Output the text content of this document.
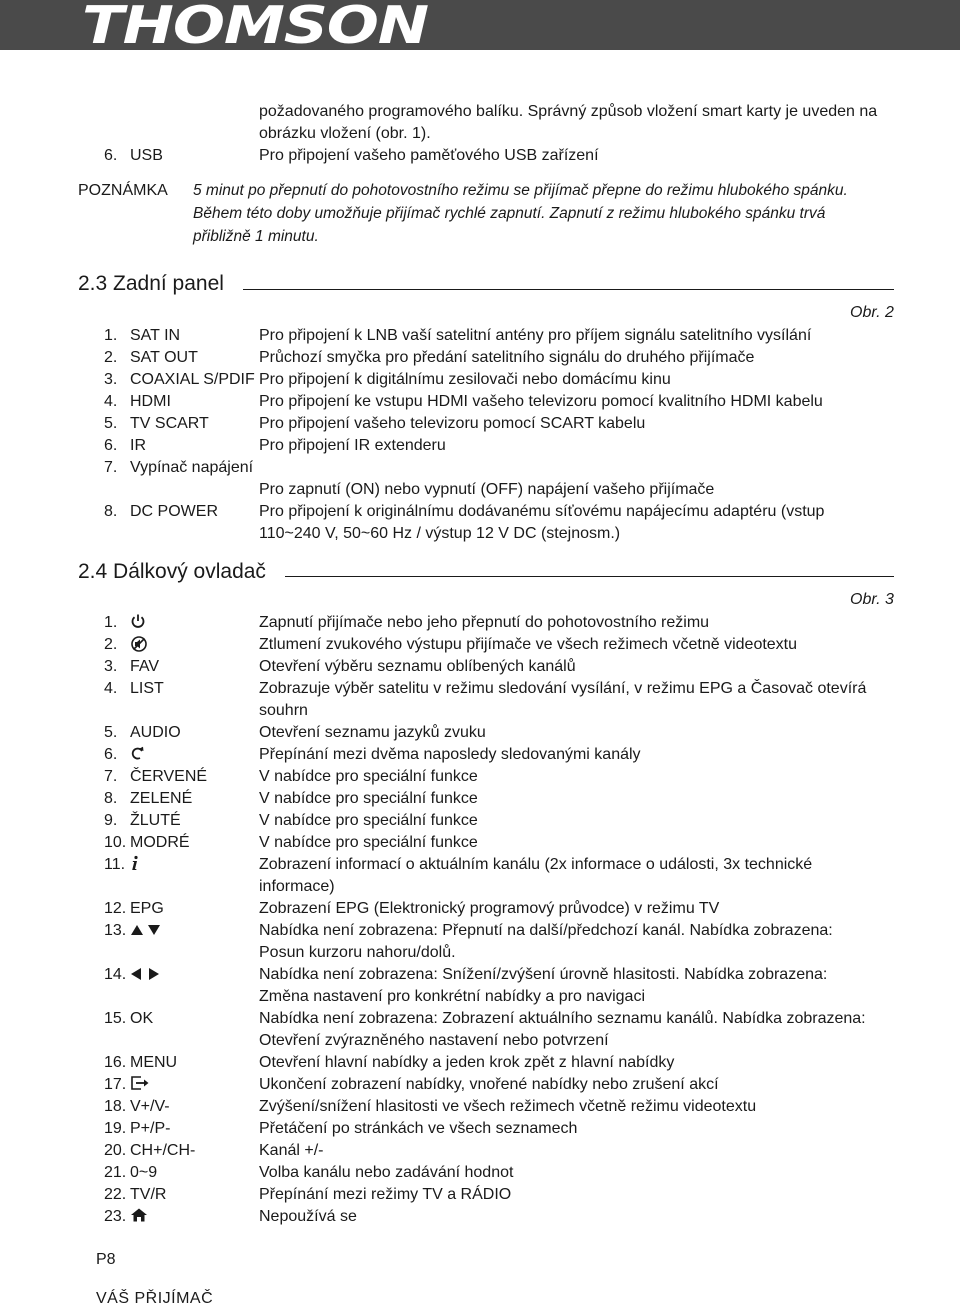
THOMSON
požadovaného programového balíku. Správný způsob vložení smart karty je uveden na
obrázku vložení (obr. 1).
6. USB	Pro připojení vašeho paměťového USB zařízení
POZNÁMKA 5 minut po přepnutí do pohotovostního režimu se přijímač přepne do režimu hlubokého spánku.
Během této doby umožňuje přijímač rychlé zapnutí. Zapnutí z režimu hlubokého spánku trvá
přibližně 1 minutu.
2.3 Zadní panel
Obr. 2
1. SAT IN	Pro připojení k LNB vaší satelitní antény pro příjem signálu satelitního vysílání
2. SAT OUT	Průchozí smyčka pro předání satelitního signálu do druhého přijímače
3. COAXIAL S/PDIF Pro připojení k digitálnímu zesilovači nebo domácímu kinu
4. HDMI	Pro připojení ke vstupu HDMI vašeho televizoru pomocí kvalitního HDMI kabelu
5. TV SCART	Pro připojení vašeho televizoru pomocí SCART kabelu
6. IR	Pro připojení IR extenderu
7. Vypínač napájení
Pro zapnutí (ON) nebo vypnutí (OFF) napájení vašeho přijímače
8. DC POWER	Pro připojení k originálnímu dodávanému síťovému napájecímu adaptéru (vstup 110~240 V, 50~60 Hz / výstup 12 V DC (stejnosm.)
2.4 Dálkový ovladač
Obr. 3
1.	Zapnutí přijímače nebo jeho přepnutí do pohotovostního režimu
2.	Ztlumení zvukového výstupu přijímače ve všech režimech včetně videotextu
3. FAV	Otevření výběru seznamu oblíbených kanálů
4. LIST	Zobrazuje výběr satelitu v režimu sledování vysílání, v režimu EPG a Časovač otevírá souhrn
5. AUDIO	Otevření seznamu jazyků zvuku
6.	Přepínání mezi dvěma naposledy sledovanými kanály
7. ČERVENÉ	V nabídce pro speciální funkce
8. ZELENÉ	V nabídce pro speciální funkce
9. ŽLUTÉ	V nabídce pro speciální funkce
10. MODRÉ	V nabídce pro speciální funkce
11.	Zobrazení informací o aktuálním kanálu (2x informace o události, 3x technické informace)
12. EPG	Zobrazení EPG (Elektronický programový průvodce) v režimu TV
13.	Nabídka není zobrazena: Přepnutí na další/předchozí kanál. Nabídka zobrazena: Posun kurzoru nahoru/dolů.
14.	Nabídka není zobrazena: Snížení/zvýšení úrovně hlasitosti. Nabídka zobrazena: Změna nastavení pro konkrétní nabídky a pro navigaci
15. OK	Nabídka není zobrazena: Zobrazení aktuálního seznamu kanálů. Nabídka zobrazena: Otevření zvýrazněného nastavení nebo potvrzení
16. MENU	Otevření hlavní nabídky a jeden krok zpět z hlavní nabídky
17.	Ukončení zobrazení nabídky, vnořené nabídky nebo zrušení akcí
18. V+/V-	Zvýšení/snížení hlasitosti ve všech režimech včetně režimu videotextu
19. P+/P-	Přetáčení po stránkách ve všech seznamech
20. CH+/CH-	Kanál +/-
21. 0~9	Volba kanálu nebo zadávání hodnot
22. TV/R	Přepínání mezi režimy TV a RÁDIO
23.	Nepoužívá se
P8
VÁŠ PŘIJÍMAČ
